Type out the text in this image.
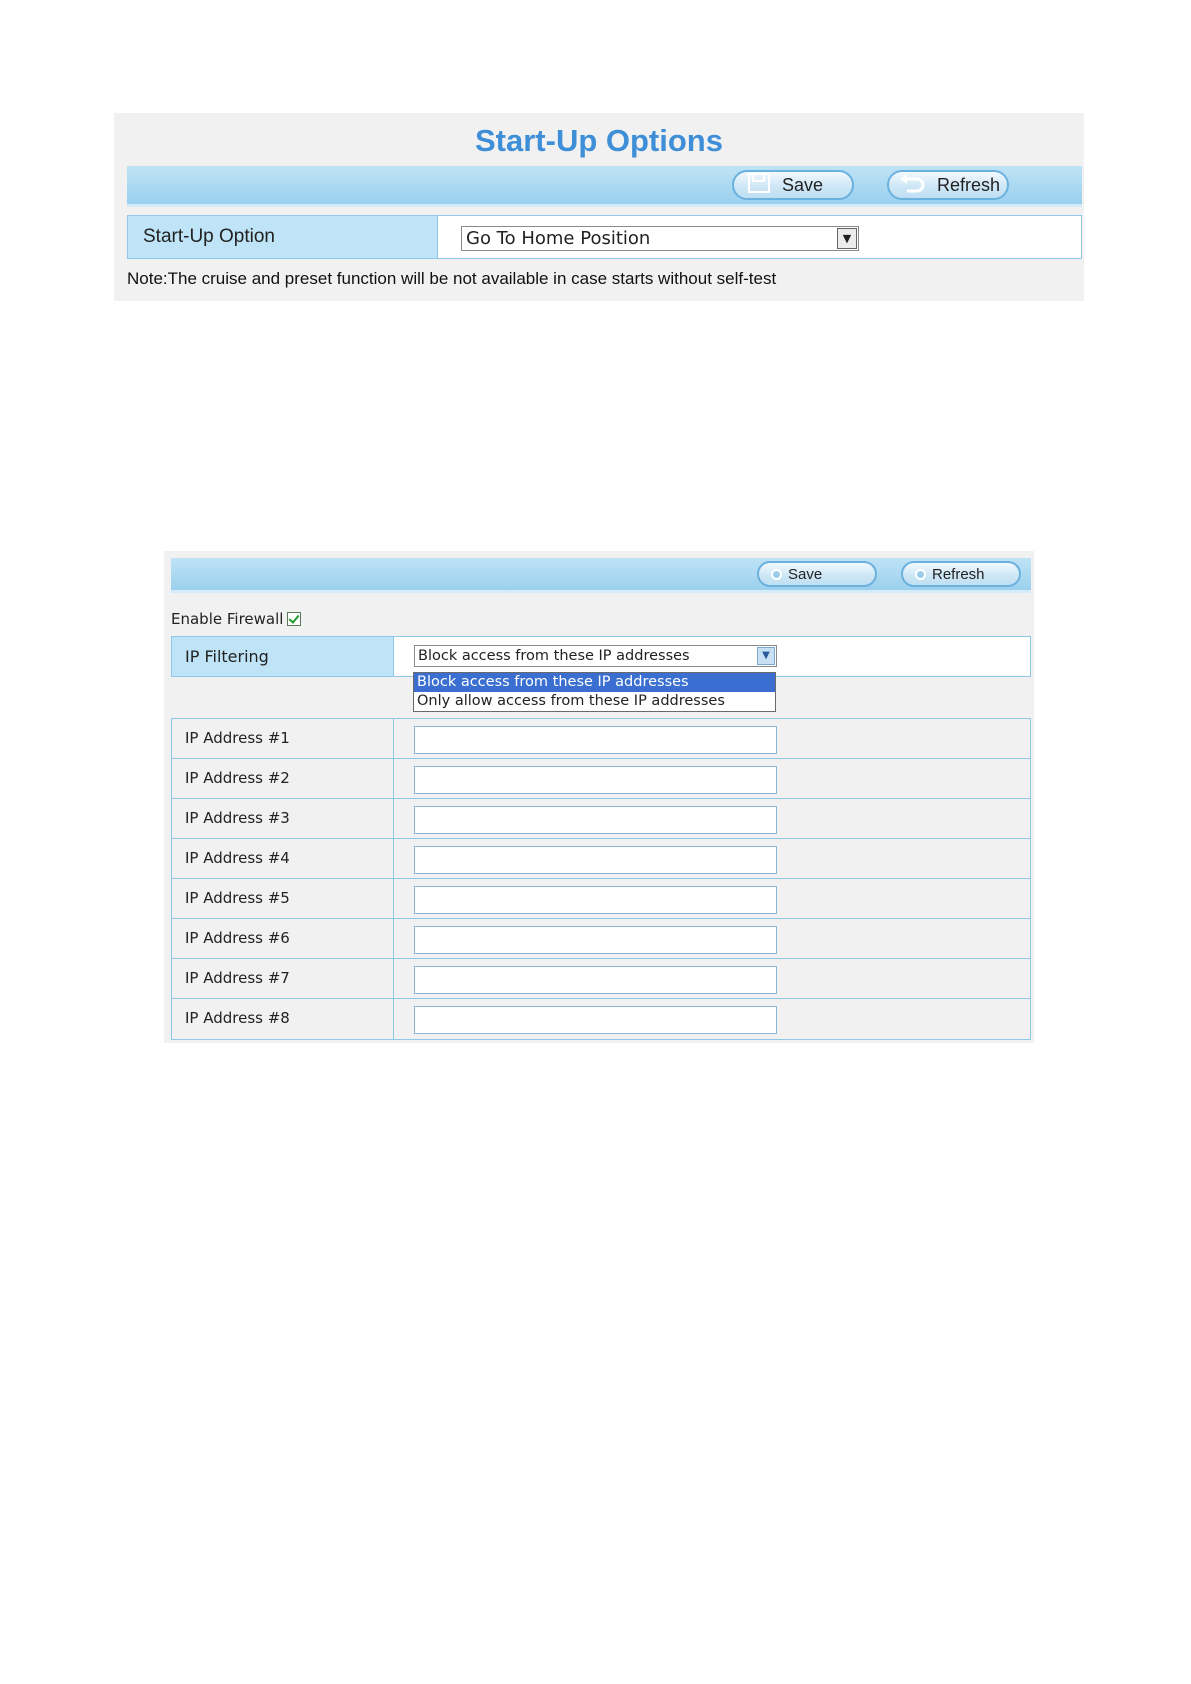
Start-Up Options
Save	Refresh
Start-Up Option	Go To Home Position	▼
Note:The cruise and preset function will be not available in case starts without self-test
Save	Refresh
Enable Firewall
IP Filtering	Block access from these IP addresses	▼
Block access from these IP addresses
Only allow access from these IP addresses
IP Address #1
IP Address #2
IP Address #3
IP Address #4
IP Address #5
IP Address #6
IP Address #7
IP Address #8
